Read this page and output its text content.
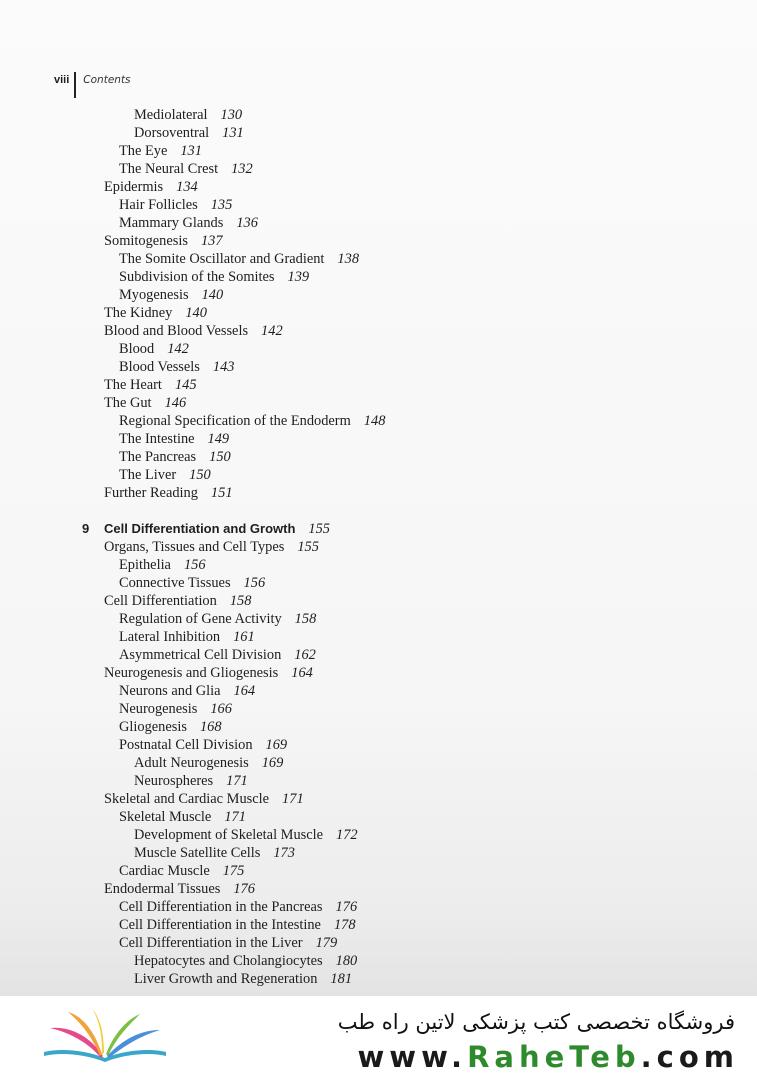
viii	Contents
Mediolateral 130
Dorsoventral 131
The Eye 131
The Neural Crest 132
Epidermis 134
Hair Follicles 135
Mammary Glands 136
Somitogenesis 137
The Somite Oscillator and Gradient 138
Subdivision of the Somites 139
Myogenesis 140
The Kidney 140
Blood and Blood Vessels 142
Blood 142
Blood Vessels 143
The Heart 145
The Gut 146
Regional Specification of the Endoderm 148
The Intestine 149
The Pancreas 150
The Liver 150
Further Reading 151
9 Cell Differentiation and Growth 155
Organs, Tissues and Cell Types 155
Epithelia 156
Connective Tissues 156
Cell Differentiation 158
Regulation of Gene Activity 158
Lateral Inhibition 161
Asymmetrical Cell Division 162
Neurogenesis and Gliogenesis 164
Neurons and Glia 164
Neurogenesis 166
Gliogenesis 168
Postnatal Cell Division 169
Adult Neurogenesis 169
Neurospheres 171
Skeletal and Cardiac Muscle 171
Skeletal Muscle 171
Development of Skeletal Muscle 172
Muscle Satellite Cells 173
Cardiac Muscle 175
Endodermal Tissues 176
Cell Differentiation in the Pancreas 176
Cell Differentiation in the Intestine 178
Cell Differentiation in the Liver 179
Hepatocytes and Cholangiocytes 180
Liver Growth and Regeneration 181
فروشگاه تخصصی کتب پزشکی لاتین راه طب
www.RaheTeb.com
